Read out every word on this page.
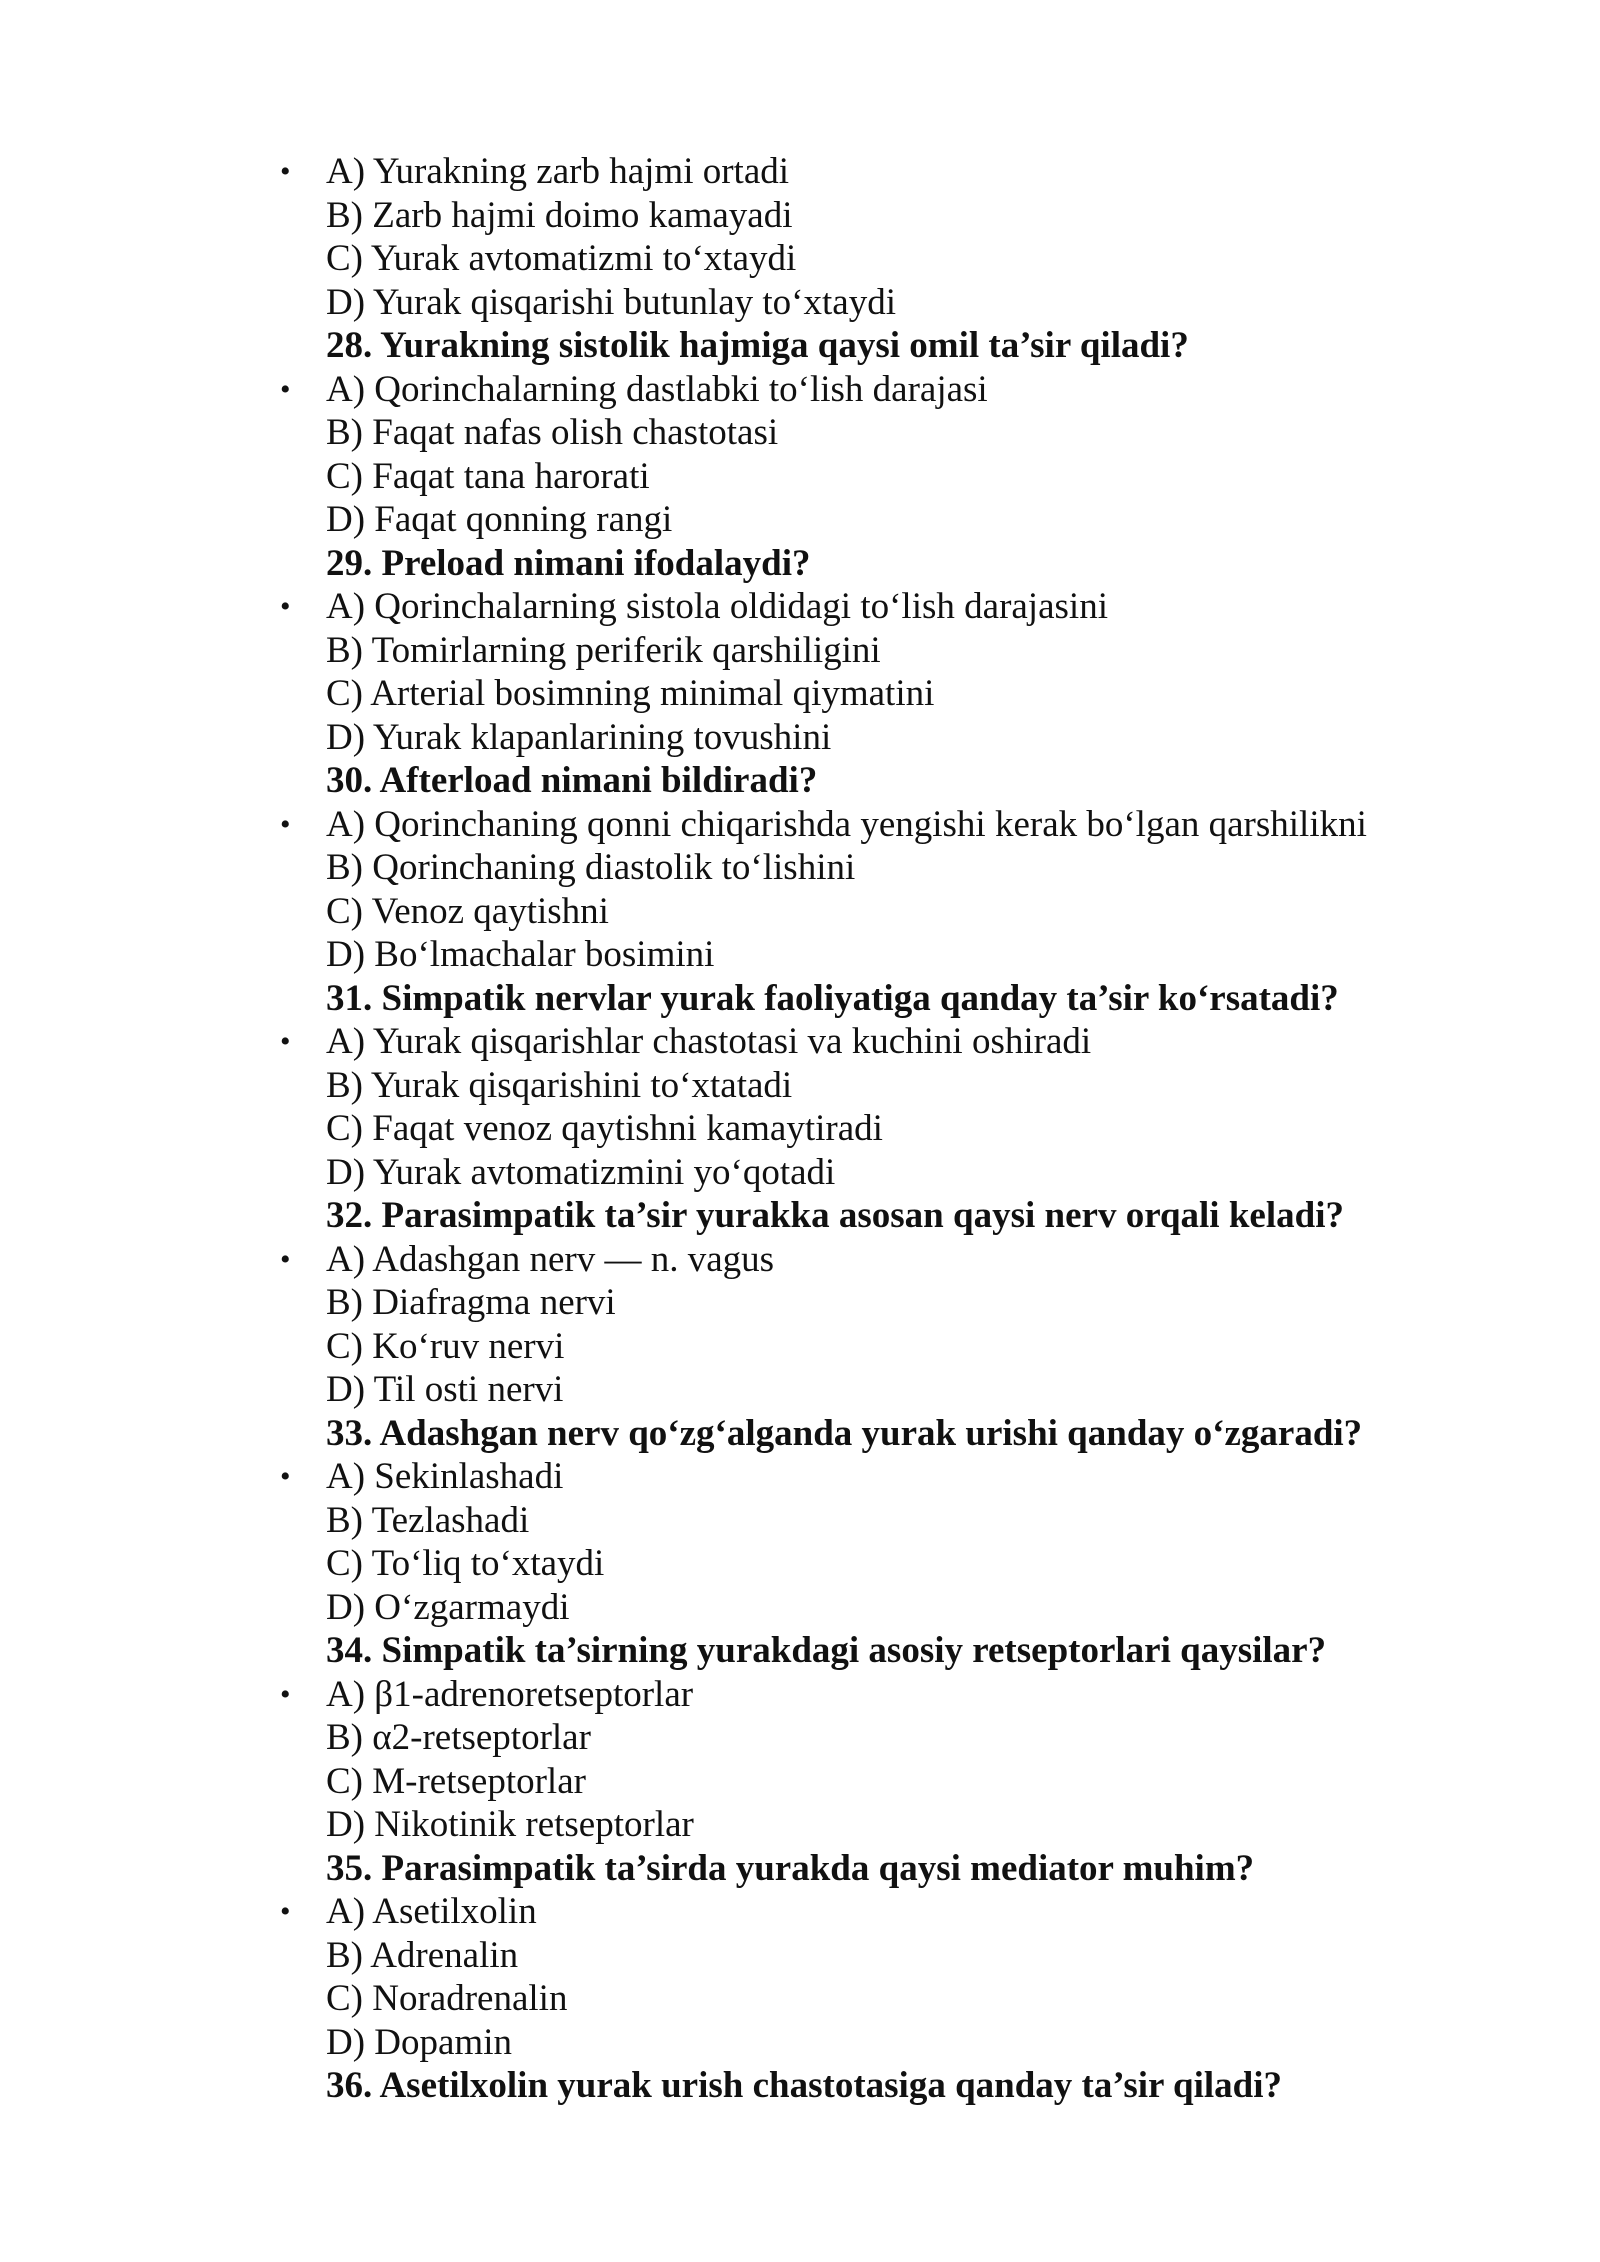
• A) Yurakning zarb hajmi ortadi
B) Zarb hajmi doimo kamayadi
C) Yurak avtomatizmi to‘xtaydi
D) Yurak qisqarishi butunlay to‘xtaydi
28. Yurakning sistolik hajmiga qaysi omil ta’sir qiladi?
• A) Qorinchalarning dastlabki to‘lish darajasi
B) Faqat nafas olish chastotasi
C) Faqat tana harorati
D) Faqat qonning rangi
29. Preload nimani ifodalaydi?
• A) Qorinchalarning sistola oldidagi to‘lish darajasini
B) Tomirlarning periferik qarshiligini
C) Arterial bosimning minimal qiymatini
D) Yurak klapanlarining tovushini
30. Afterload nimani bildiradi?
• A) Qorinchaning qonni chiqarishda yengishi kerak bo‘lgan qarshilikni
B) Qorinchaning diastolik to‘lishini
C) Venoz qaytishni
D) Bo‘lmachalar bosimini
31. Simpatik nervlar yurak faoliyatiga qanday ta’sir ko‘rsatadi?
• A) Yurak qisqarishlar chastotasi va kuchini oshiradi
B) Yurak qisqarishini to‘xtatadi
C) Faqat venoz qaytishni kamaytiradi
D) Yurak avtomatizmini yo‘qotadi
32. Parasimpatik ta’sir yurakka asosan qaysi nerv orqali keladi?
• A) Adashgan nerv — n. vagus
B) Diafragma nervi
C) Ko‘ruv nervi
D) Til osti nervi
33. Adashgan nerv qo‘zg‘alganda yurak urishi qanday o‘zgaradi?
• A) Sekinlashadi
B) Tezlashadi
C) To‘liq to‘xtaydi
D) O‘zgarmaydi
34. Simpatik ta’sirning yurakdagi asosiy retseptorlari qaysilar?
• A) β1-adrenoretseptorlar
B) α2-retseptorlar
C) M-retseptorlar
D) Nikotinik retseptorlar
35. Parasimpatik ta’sirda yurakda qaysi mediator muhim?
• A) Asetilxolin
B) Adrenalin
C) Noradrenalin
D) Dopamin
36. Asetilxolin yurak urish chastotasiga qanday ta’sir qiladi?
